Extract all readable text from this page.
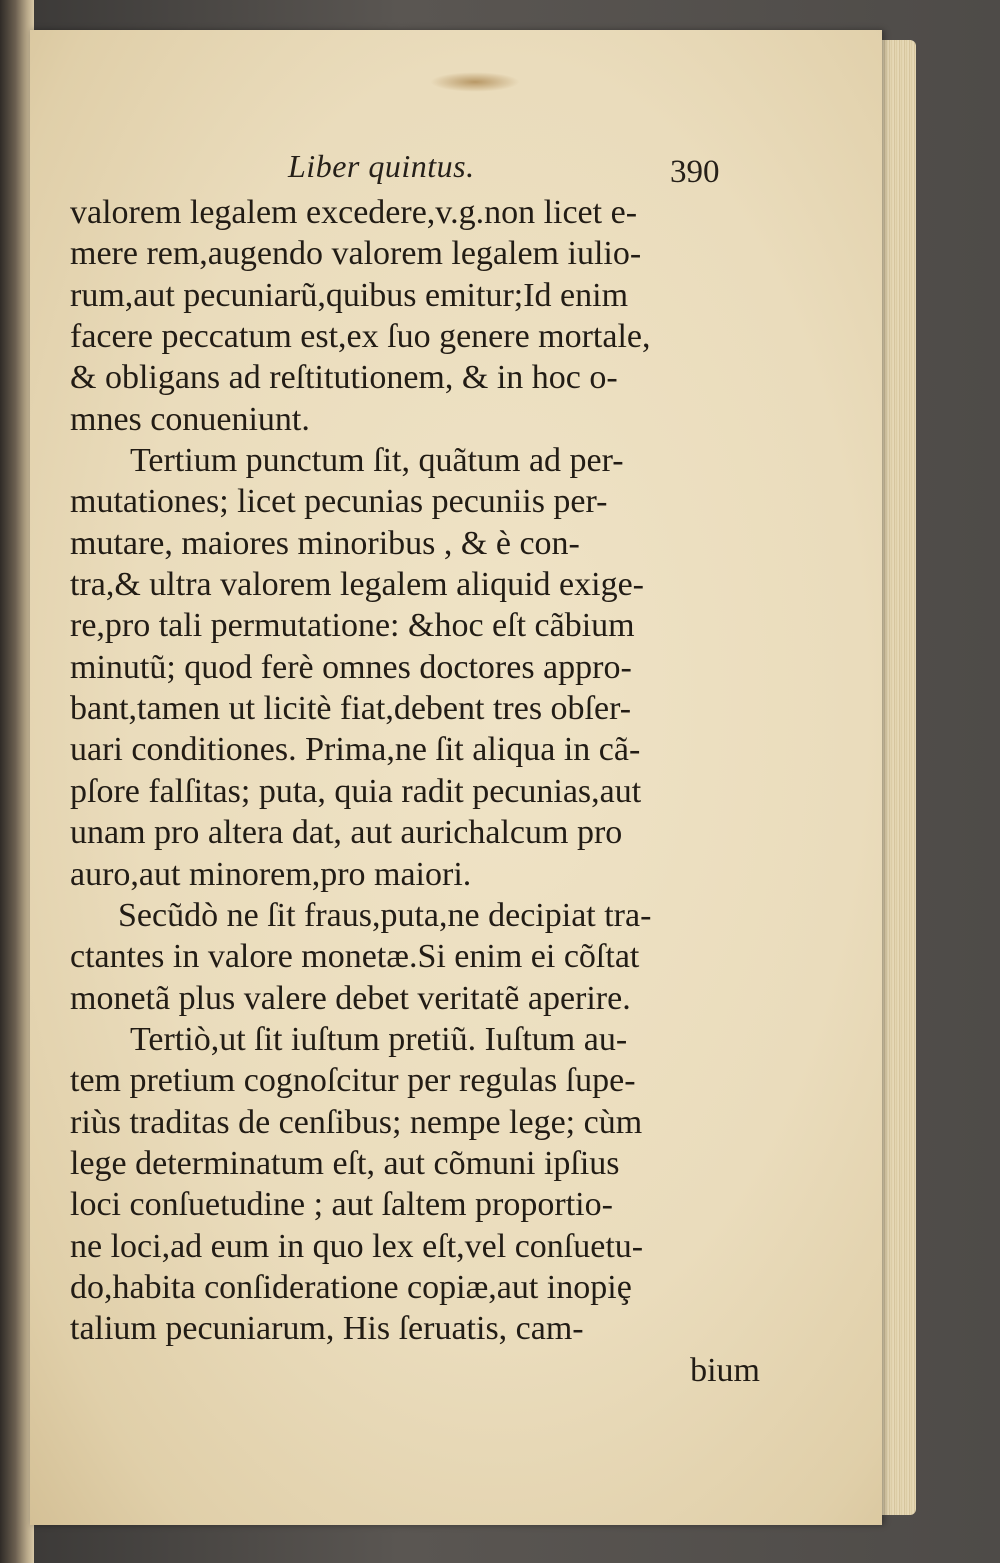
Liber quintus.	390
valorem legalem excedere,v.g.non licet e-
mere rem,augendo valorem legalem iulio-
rum,aut pecuniarũ,quibus emitur;Id enim
facere peccatum est,ex ſuo genere mortale,
& obligans ad reſtitutionem, & in hoc o-
mnes conueniunt.
Tertium punctum ſit, quãtum ad per-
mutationes; licet pecunias pecuniis per-
mutare, maiores minoribus , & è con-
tra,& ultra valorem legalem aliquid exige-
re,pro tali permutatione: &hoc eſt cãbium
minutũ; quod ferè omnes doctores appro-
bant,tamen ut licitè fiat,debent tres obſer-
uari conditiones. Prima,ne ſit aliqua in cã-
pſore falſitas; puta, quia radit pecunias,aut
unam pro altera dat, aut aurichalcum pro
auro,aut minorem,pro maiori.
Secũdò ne ſit fraus,puta,ne decipiat tra-
ctantes in valore monetæ.Si enim ei cõſtat
monetã plus valere debet veritatẽ aperire.
Tertiò,ut ſit iuſtum pretiũ. Iuſtum au-
tem pretium cognoſcitur per regulas ſupe-
riùs traditas de cenſibus; nempe lege; cùm
lege determinatum eſt, aut cõmuni ipſius
loci conſuetudine ; aut ſaltem proportio-
ne loci,ad eum in quo lex eſt,vel conſuetu-
do,habita conſideratione copiæ,aut inopiȩ
talium pecuniarum, His ſeruatis, cam-
bium
